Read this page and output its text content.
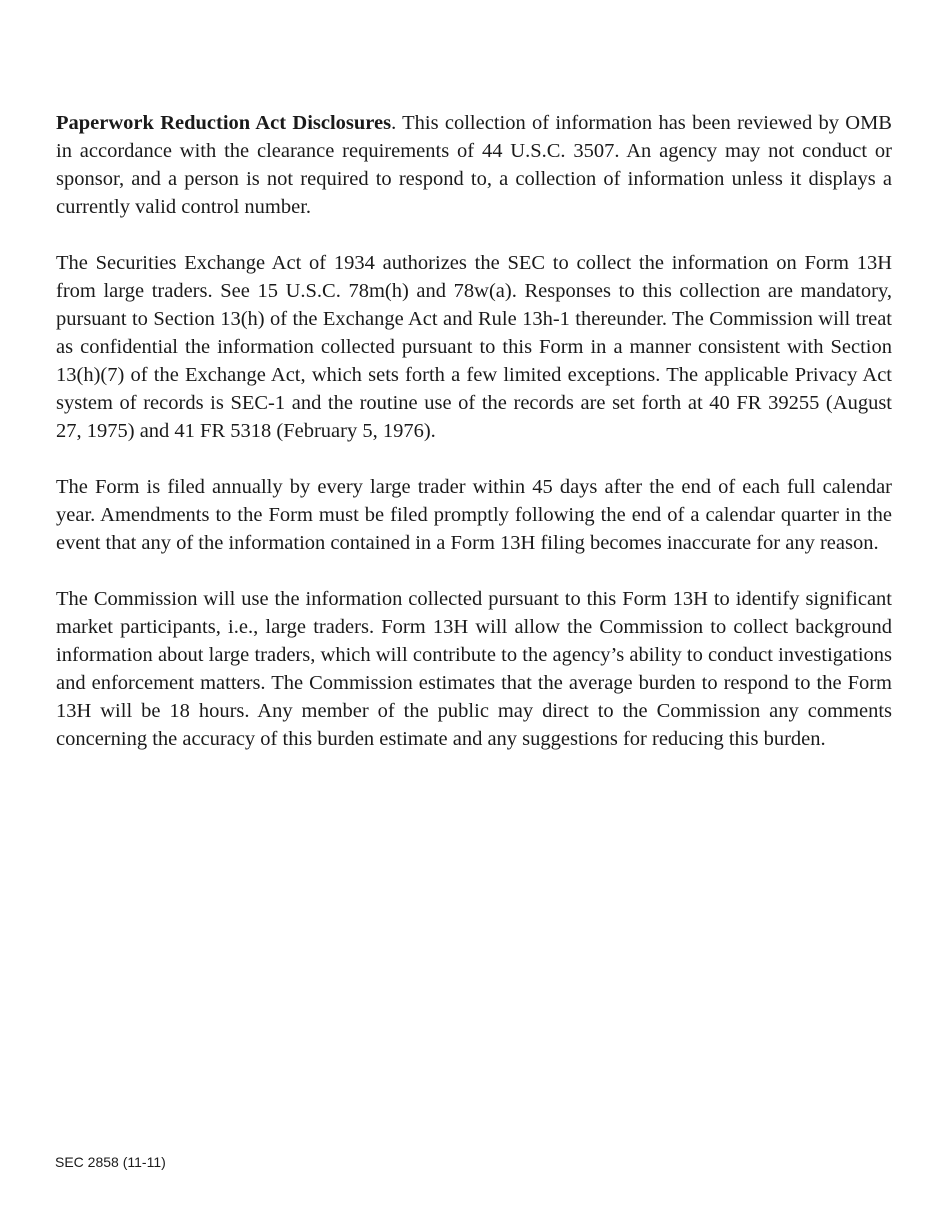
Paperwork Reduction Act Disclosures. This collection of information has been reviewed by OMB in accordance with the clearance requirements of 44 U.S.C. 3507. An agency may not conduct or sponsor, and a person is not required to respond to, a collection of information unless it displays a currently valid control number.

The Securities Exchange Act of 1934 authorizes the SEC to collect the information on Form 13H from large traders. See 15 U.S.C. 78m(h) and 78w(a). Responses to this collection are mandatory, pursuant to Section 13(h) of the Exchange Act and Rule 13h-1 thereunder. The Commission will treat as confidential the information collected pursuant to this Form in a manner consistent with Section 13(h)(7) of the Exchange Act, which sets forth a few limited exceptions. The applicable Privacy Act system of records is SEC-1 and the routine use of the records are set forth at 40 FR 39255 (August 27, 1975) and 41 FR 5318 (February 5, 1976).

The Form is filed annually by every large trader within 45 days after the end of each full calendar year. Amendments to the Form must be filed promptly following the end of a calendar quarter in the event that any of the information contained in a Form 13H filing becomes inaccurate for any reason.

The Commission will use the information collected pursuant to this Form 13H to identify significant market participants, i.e., large traders. Form 13H will allow the Commission to collect background information about large traders, which will contribute to the agency’s ability to conduct investigations and enforcement matters. The Commission estimates that the average burden to respond to the Form 13H will be 18 hours. Any member of the public may direct to the Commission any comments concerning the accuracy of this burden estimate and any suggestions for reducing this burden.

SEC 2858 (11-11)
